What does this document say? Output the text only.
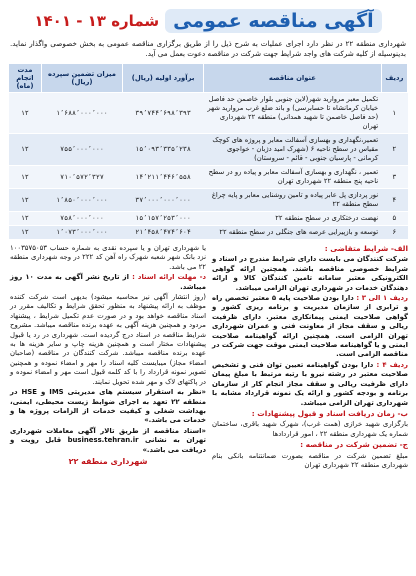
آگهی مناقصه عمومی
شماره ۱۳ - ۱۴۰۱
شهرداری منطقه ۲۲ در نظر دارد اجرای عملیات به شرح ذیل را از طریق برگزاری مناقصه عمومی به بخش خصوصی واگذار نماید. بدینوسیله از کلیه شرکت های واجد شرایط جهت شرکت در مناقصه دعوت بعمل می آید.
ردیف	عنوان مناقصه	برآورد اولیه (ریال)	میزان تضمین سپرده (ریال)	مدت انجام (ماه)
۱	تکمیل معبر مروارید شهر(لاین جنوبی بلوار خاصمن حد فاصل خیابان کرمانشاه تا حسابرسی) و باند ضلع غرب مروارید شهر (حد فاصل خاصمن تا شهید همدانی) منطقه ۲۲ شهرداری تهران	۳۹٬۷۴۴٬۶۹۸٬۳۹۳	۱٬۶۸۸٬۰۰۰٬۰۰۰	۱۲
۲	تعمیر،نگهداری و بهسازی آسفالت معابر و پروژه های کوچک مقیاس در سطح ناحیه ۶ (شهرک امید دژبان - خواجوی کرمانی - پارسیان جنوبی - قائم - سروستان)	۱۵٬۰۹۳٬۳۳۵٬۲۳۸	۷۵۵٬۰۰۰٬۰۰۰	۱۲
۳	تعمیر ، نگهداری و بهسازی آسفالت معابر و پیاده رو در سطح ناحیه پنج منطقه ۲۲ شهرداری تهران	۱۴٬۲۱۱٬۴۴۶٬۵۵۸	۷۱۰٬۵۷۲٬۳۲۷	۱۲
۴	نور پردازی پل عابر پیاده و تامین روشنایی معابر و پایه چراغ سطح منطقه ۲۲	۳۷٬۰۰۰٬۰۰۰٬۰۰۰	۱٬۸۵۰٬۰۰۰٬۰۰۰	۱۲
۵	نهضت درختکاری در سطح منطقه ۲۲	۱۵٬۱۵۷٬۲۵۳٬۰۰۰	۷۵۸٬۰۰۰٬۰۰۰	۱۲
۶	توسعه و بازپیرایی عرصه های جنگلی در سطح منطقه ۲۲	۲۱٬۴۵۸٬۴۷۴٬۶۰۴	۱٬۰۷۳٬۰۰۰٬۰۰۰	۱۲

الف- شرایط متقاضی :

شرکت کنندگان می بایست دارای شرایط مندرج در اسناد و شرایط خصوصی مناقصه باشند. همچنین ارائه گواهی الکترونیکی معتبر سامانه تامین کنندگان کالا و ارائه دهندگان خدمات در شهرداری تهران الزامی میباشد.

ردیف ۱ الی ۳ : دارا بودن صلاحیت پایه ۵ معتبر تخصص راه و ترابری از سازمان مدیریت و برنامه ریزی کشور و گواهی صلاحیت ایمنی پیمانکاری معتبر. دارای ظرفیت ریالی و سقف مجاز از معاونت فنی و عمران شهرداری تهران الزامی است. همچنین ارائه گواهینامه صلاحیت ایمنی و یا گواهینامه صلاحیت ایمنی موقت جهت شرکت در مناقصه الزامی است.

ردیف ۴ : دارا بودن گواهینامه تعیین توان فنی و تشخیص صلاحیت معتبر در رشته نیرو با رتبه مرتبط با مبلغ پیمان دارای ظرفیت ریالی و سقف مجاز انجام کار از سازمان برنامه و بودجه کشور و ارائه یک نمونه قرارداد مشابه با شهرداری تهران الزامی میباشد.

ب- زمان دریافت اسناد و قبول پیشنهادات :

بارگزاری شهید خرازی (همت غرب)، شهرک شهید باقری، ساختمان شماره یک شهرداری منطقه ۲۲ ، امور قراردادها

ج- تضمین شرکت در مناقصه :

مبلغ تضمین شرکت در مناقصه بصورت ضمانتنامه بانکی بنام شهرداری منطقه ۲۲ شهرداری تهران

یا شهرداری تهران و یا سپرده نقدی به شماره حساب ۱۰۰۳۵۷۵۰۵۳ نزد بانک شهر شعبه شهرک راه آهن کد ۲۲۲ در وجه شهرداری منطقه ۲۲ می باشد.

د- مهلت ارائه اسناد : از تاریخ نشر آگهی به مدت ۱۰ روز میباشد.

(روز انتشار آگهی نیز محاسبه میشود) بدیهی است شرکت کننده موظف به ارائه پیشنهاد به منظور تحقق شرایط و تکالیف مقرر در اسناد مناقصه خواهد بود و در صورت عدم تکمیل شرایط ، پیشنهاد مردود و همچنین هزینه آگهی به عهده برنده مناقصه میباشد. مشروح شرایط مناقصه در اسناد درج گردیده است. شهرداری در رد یا قبول پیشنهادات مختار است و همچنین هزینه چاپ و سایر هزینه ها به عهده برنده مناقصه میباشد. شرکت کنندگان در مناقصه (صاحبان امضاء مجاز) میبایست کلیه اسناد را مهر و امضاء نموده و همچنین تصویر نمونه قرارداد را با کد کلمه قبول است مهر و امضاء نموده و در پاکتهای لاک و مهر شده تحویل نمایند.

«نظر به استقرار سیستم های مدیریتی IMS و HSE در منطقه ۲۲ تعهد به اجرای ضوابط زیست محیطی، ایمنی، بهداشت شغلی و کیفیت خدمات از الزامات پروژه ها و خدمات می باشد.»

«اسناد مناقصه از طریق تالار آگهی معاملات شهرداری تهران به نشانی business.tehran.ir قابل رویت و دریافت می باشد.»

شهرداری منطقه ۲۲
